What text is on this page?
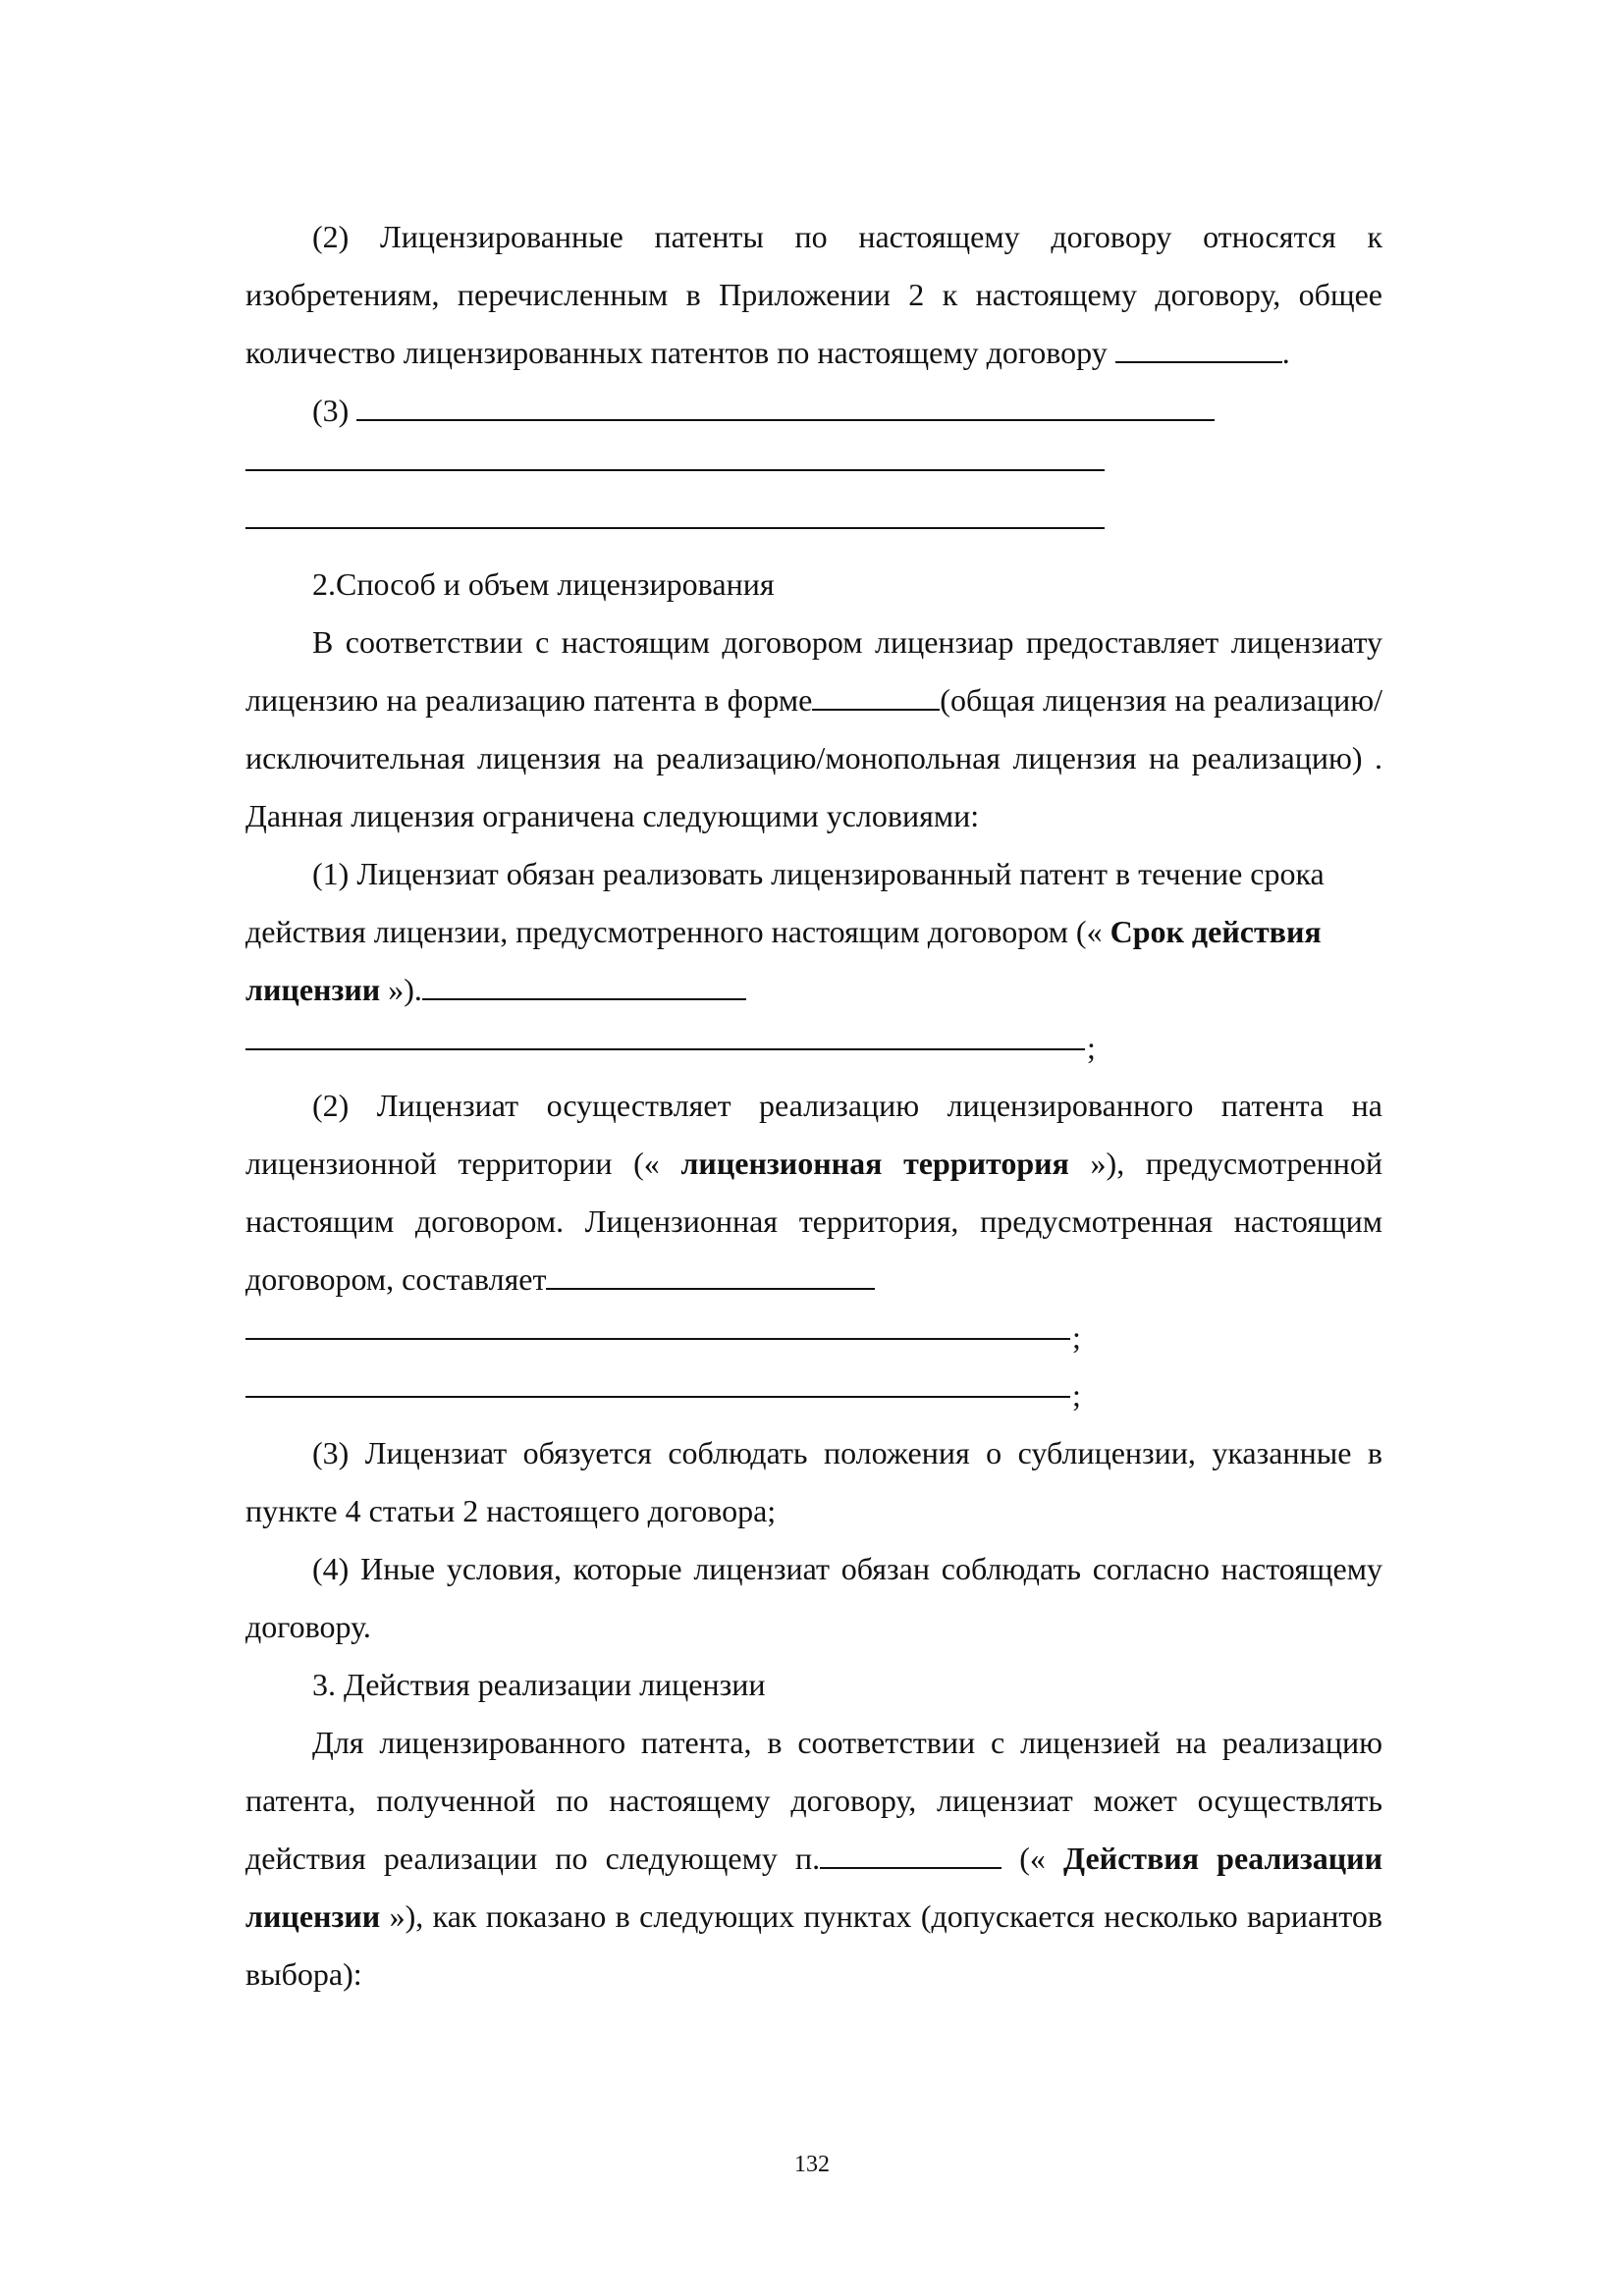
(2) Лицензированные патенты по настоящему договору относятся к изобретениям, перечисленным в Приложении 2 к настоящему договору, общее количество лицензированных патентов по настоящему договору	.

(3)

2.Способ и объем лицензирования

В соответствии с настоящим договором лицензиар предоставляет лицензиату лицензию на реализацию патента в форме	(общая лицензия на реализацию/исключительная лицензия на реализацию/монопольная лицензия на реализацию) . Данная лицензия ограничена следующими условиями:

(1) Лицензиат обязан реализовать лицензированный патент в течение срока действия лицензии, предусмотренного настоящим договором (« Срок действия лицензии »).

;

(2) Лицензиат осуществляет реализацию лицензированного патента на лицензионной территории (« лицензионная территория »), предусмотренной настоящим договором. Лицензионная территория, предусмотренная настоящим договором, составляет

;
;

(3) Лицензиат обязуется соблюдать положения о сублицензии, указанные в пункте 4 статьи 2 настоящего договора;

(4) Иные условия, которые лицензиат обязан соблюдать согласно настоящему договору.

3. Действия реализации лицензии

Для лицензированного патента, в соответствии с лицензией на реализацию патента, полученной по настоящему договору, лицензиат может осуществлять действия реализации по следующему п.	(« Действия реализации лицензии »), как показано в следующих пунктах (допускается несколько вариантов выбора):

132
